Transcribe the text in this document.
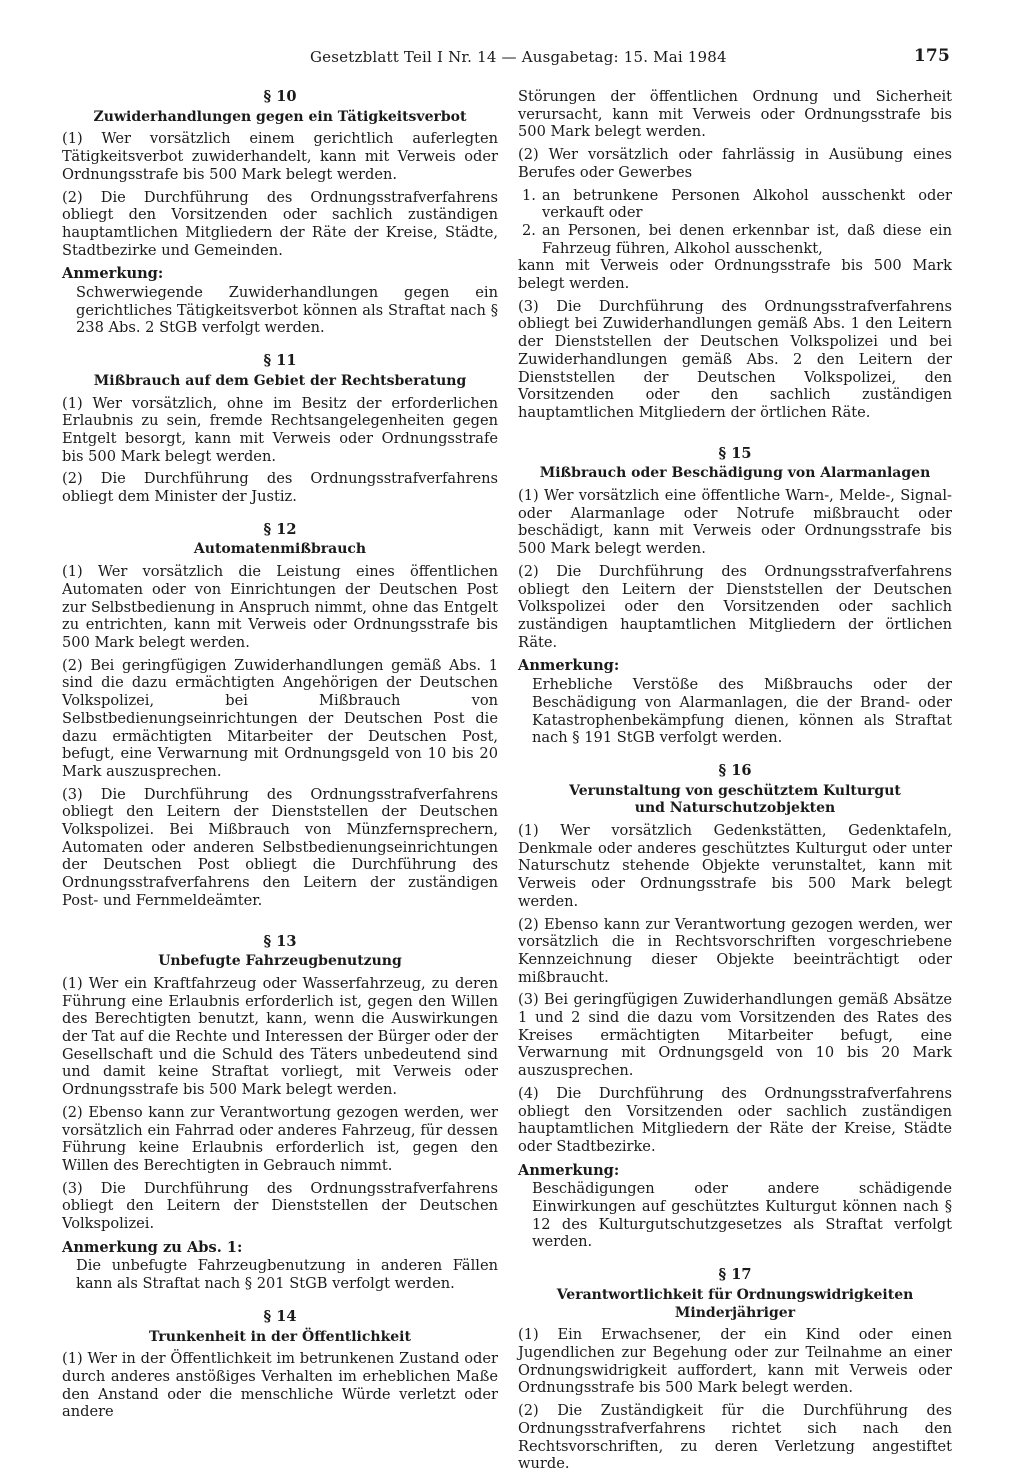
Gesetzblatt Teil I Nr. 14 — Ausgabetag: 15. Mai 1984	175
§ 10
Zuwiderhandlungen gegen ein Tätigkeitsverbot

(1) Wer vorsätzlich einem gerichtlich auferlegten Tätigkeitsverbot zuwiderhandelt, kann mit Verweis oder Ordnungsstrafe bis 500 Mark belegt werden.

(2) Die Durchführung des Ordnungsstrafverfahrens obliegt den Vorsitzenden oder sachlich zuständigen hauptamtlichen Mitgliedern der Räte der Kreise, Städte, Stadtbezirke und Gemeinden.

Anmerkung:

Schwerwiegende Zuwiderhandlungen gegen ein gerichtliches Tätigkeitsverbot können als Straftat nach § 238 Abs. 2 StGB verfolgt werden.

§ 11
Mißbrauch auf dem Gebiet der Rechtsberatung

(1) Wer vorsätzlich, ohne im Besitz der erforderlichen Erlaubnis zu sein, fremde Rechtsangelegenheiten gegen Entgelt besorgt, kann mit Verweis oder Ordnungsstrafe bis 500 Mark belegt werden.

(2) Die Durchführung des Ordnungsstrafverfahrens obliegt dem Minister der Justiz.

§ 12
Automatenmißbrauch

(1) Wer vorsätzlich die Leistung eines öffentlichen Automaten oder von Einrichtungen der Deutschen Post zur Selbstbedienung in Anspruch nimmt, ohne das Entgelt zu entrichten, kann mit Verweis oder Ordnungsstrafe bis 500 Mark belegt werden.

(2) Bei geringfügigen Zuwiderhandlungen gemäß Abs. 1 sind die dazu ermächtigten Angehörigen der Deutschen Volkspolizei, bei Mißbrauch von Selbstbedienungseinrichtungen der Deutschen Post die dazu ermächtigten Mitarbeiter der Deutschen Post, befugt, eine Verwarnung mit Ordnungsgeld von 10 bis 20 Mark auszusprechen.

(3) Die Durchführung des Ordnungsstrafverfahrens obliegt den Leitern der Dienststellen der Deutschen Volkspolizei. Bei Mißbrauch von Münzfernsprechern, Automaten oder anderen Selbstbedienungseinrichtungen der Deutschen Post obliegt die Durchführung des Ordnungsstrafverfahrens den Leitern der zuständigen Post- und Fernmeldeämter.

§ 13
Unbefugte Fahrzeugbenutzung

(1) Wer ein Kraftfahrzeug oder Wasserfahrzeug, zu deren Führung eine Erlaubnis erforderlich ist, gegen den Willen des Berechtigten benutzt, kann, wenn die Auswirkungen der Tat auf die Rechte und Interessen der Bürger oder der Gesellschaft und die Schuld des Täters unbedeutend sind und damit keine Straftat vorliegt, mit Verweis oder Ordnungsstrafe bis 500 Mark belegt werden.

(2) Ebenso kann zur Verantwortung gezogen werden, wer vorsätzlich ein Fahrrad oder anderes Fahrzeug, für dessen Führung keine Erlaubnis erforderlich ist, gegen den Willen des Berechtigten in Gebrauch nimmt.

(3) Die Durchführung des Ordnungsstrafverfahrens obliegt den Leitern der Dienststellen der Deutschen Volkspolizei.

Anmerkung zu Abs. 1:

Die unbefugte Fahrzeugbenutzung in anderen Fällen kann als Straftat nach § 201 StGB verfolgt werden.

§ 14
Trunkenheit in der Öffentlichkeit

(1) Wer in der Öffentlichkeit im betrunkenen Zustand oder durch anderes anstößiges Verhalten im erheblichen Maße den Anstand oder die menschliche Würde verletzt oder andere

Störungen der öffentlichen Ordnung und Sicherheit verursacht, kann mit Verweis oder Ordnungsstrafe bis 500 Mark belegt werden.

(2) Wer vorsätzlich oder fahrlässig in Ausübung eines Berufes oder Gewerbes

1. an betrunkene Personen Alkohol ausschenkt oder verkauft oder
2. an Personen, bei denen erkennbar ist, daß diese ein Fahrzeug führen, Alkohol ausschenkt,

kann mit Verweis oder Ordnungsstrafe bis 500 Mark belegt werden.

(3) Die Durchführung des Ordnungsstrafverfahrens obliegt bei Zuwiderhandlungen gemäß Abs. 1 den Leitern der Dienststellen der Deutschen Volkspolizei und bei Zuwiderhandlungen gemäß Abs. 2 den Leitern der Dienststellen der Deutschen Volkspolizei, den Vorsitzenden oder den sachlich zuständigen hauptamtlichen Mitgliedern der örtlichen Räte.

§ 15
Mißbrauch oder Beschädigung von Alarmanlagen

(1) Wer vorsätzlich eine öffentliche Warn-, Melde-, Signal- oder Alarmanlage oder Notrufe mißbraucht oder beschädigt, kann mit Verweis oder Ordnungsstrafe bis 500 Mark belegt werden.

(2) Die Durchführung des Ordnungsstrafverfahrens obliegt den Leitern der Dienststellen der Deutschen Volkspolizei oder den Vorsitzenden oder sachlich zuständigen hauptamtlichen Mitgliedern der örtlichen Räte.

Anmerkung:

Erhebliche Verstöße des Mißbrauchs oder der Beschädigung von Alarmanlagen, die der Brand- oder Katastrophenbekämpfung dienen, können als Straftat nach § 191 StGB verfolgt werden.

§ 16
Verunstaltung von geschütztem Kulturgut
und Naturschutzobjekten

(1) Wer vorsätzlich Gedenkstätten, Gedenktafeln, Denkmale oder anderes geschütztes Kulturgut oder unter Naturschutz stehende Objekte verunstaltet, kann mit Verweis oder Ordnungsstrafe bis 500 Mark belegt werden.

(2) Ebenso kann zur Verantwortung gezogen werden, wer vorsätzlich die in Rechtsvorschriften vorgeschriebene Kennzeichnung dieser Objekte beeinträchtigt oder mißbraucht.

(3) Bei geringfügigen Zuwiderhandlungen gemäß Absätze 1 und 2 sind die dazu vom Vorsitzenden des Rates des Kreises ermächtigten Mitarbeiter befugt, eine Verwarnung mit Ordnungsgeld von 10 bis 20 Mark auszusprechen.

(4) Die Durchführung des Ordnungsstrafverfahrens obliegt den Vorsitzenden oder sachlich zuständigen hauptamtlichen Mitgliedern der Räte der Kreise, Städte oder Stadtbezirke.

Anmerkung:

Beschädigungen oder andere schädigende Einwirkungen auf geschütztes Kulturgut können nach § 12 des Kulturgutschutzgesetzes als Straftat verfolgt werden.

§ 17
Verantwortlichkeit für Ordnungswidrigkeiten
Minderjähriger

(1) Ein Erwachsener, der ein Kind oder einen Jugendlichen zur Begehung oder zur Teilnahme an einer Ordnungswidrigkeit auffordert, kann mit Verweis oder Ordnungsstrafe bis 500 Mark belegt werden.

(2) Die Zuständigkeit für die Durchführung des Ordnungsstrafverfahrens richtet sich nach den Rechtsvorschriften, zu deren Verletzung angestiftet wurde.
